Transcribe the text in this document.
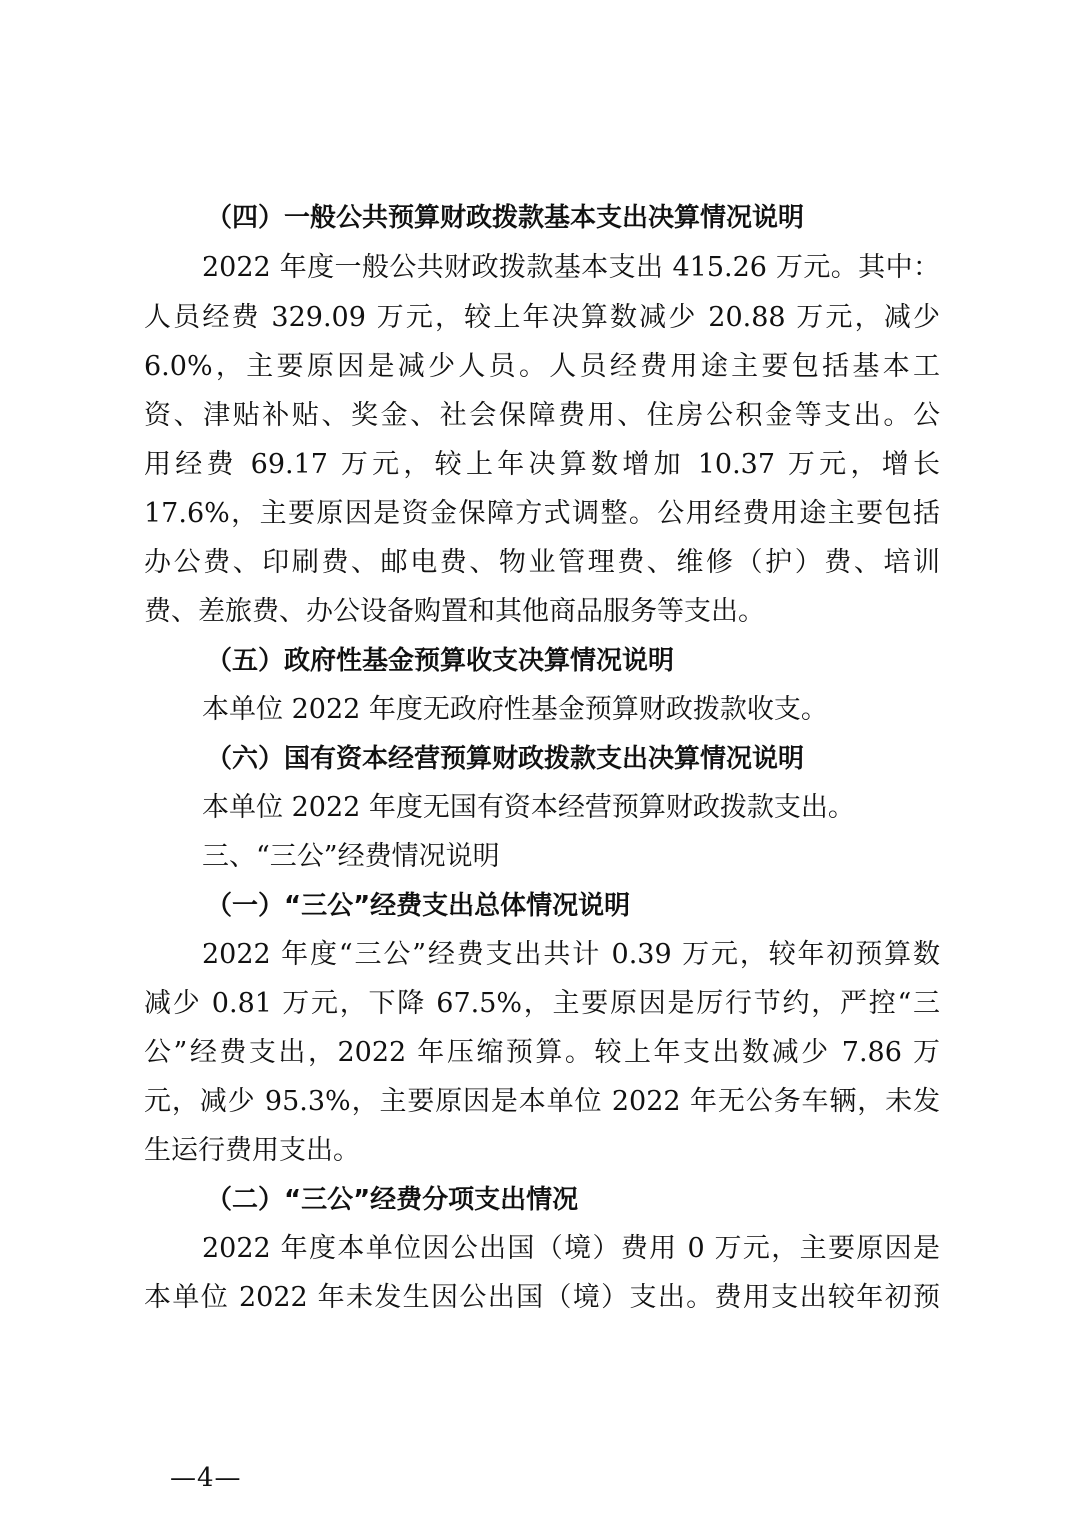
（四）一般公共预算财政拨款基本支出决算情况说明
2022 年度一般公共财政拨款基本支出 415.26 万元。其中：
人员经费 329.09 万元，较上年决算数减少 20.88 万元，减少
6.0%，主要原因是减少人员。人员经费用途主要包括基本工
资、津贴补贴、奖金、社会保障费用、住房公积金等支出。公
用经费 69.17 万元，较上年决算数增加 10.37 万元，增长
17.6%，主要原因是资金保障方式调整。公用经费用途主要包括
办公费、印刷费、邮电费、物业管理费、维修（护）费、培训
费、差旅费、办公设备购置和其他商品服务等支出。
（五）政府性基金预算收支决算情况说明
本单位 2022 年度无政府性基金预算财政拨款收支。
（六）国有资本经营预算财政拨款支出决算情况说明
本单位 2022 年度无国有资本经营预算财政拨款支出。
三、“三公”经费情况说明
（一）“三公”经费支出总体情况说明
2022 年度“三公”经费支出共计 0.39 万元，较年初预算数
减少 0.81 万元，下降 67.5%，主要原因是厉行节约，严控“三
公”经费支出，2022 年压缩预算。较上年支出数减少 7.86 万
元，减少 95.3%，主要原因是本单位 2022 年无公务车辆，未发
生运行费用支出。
（二）“三公”经费分项支出情况
2022 年度本单位因公出国（境）费用 0 万元，主要原因是
本单位 2022 年未发生因公出国（境）支出。费用支出较年初预
—4—
